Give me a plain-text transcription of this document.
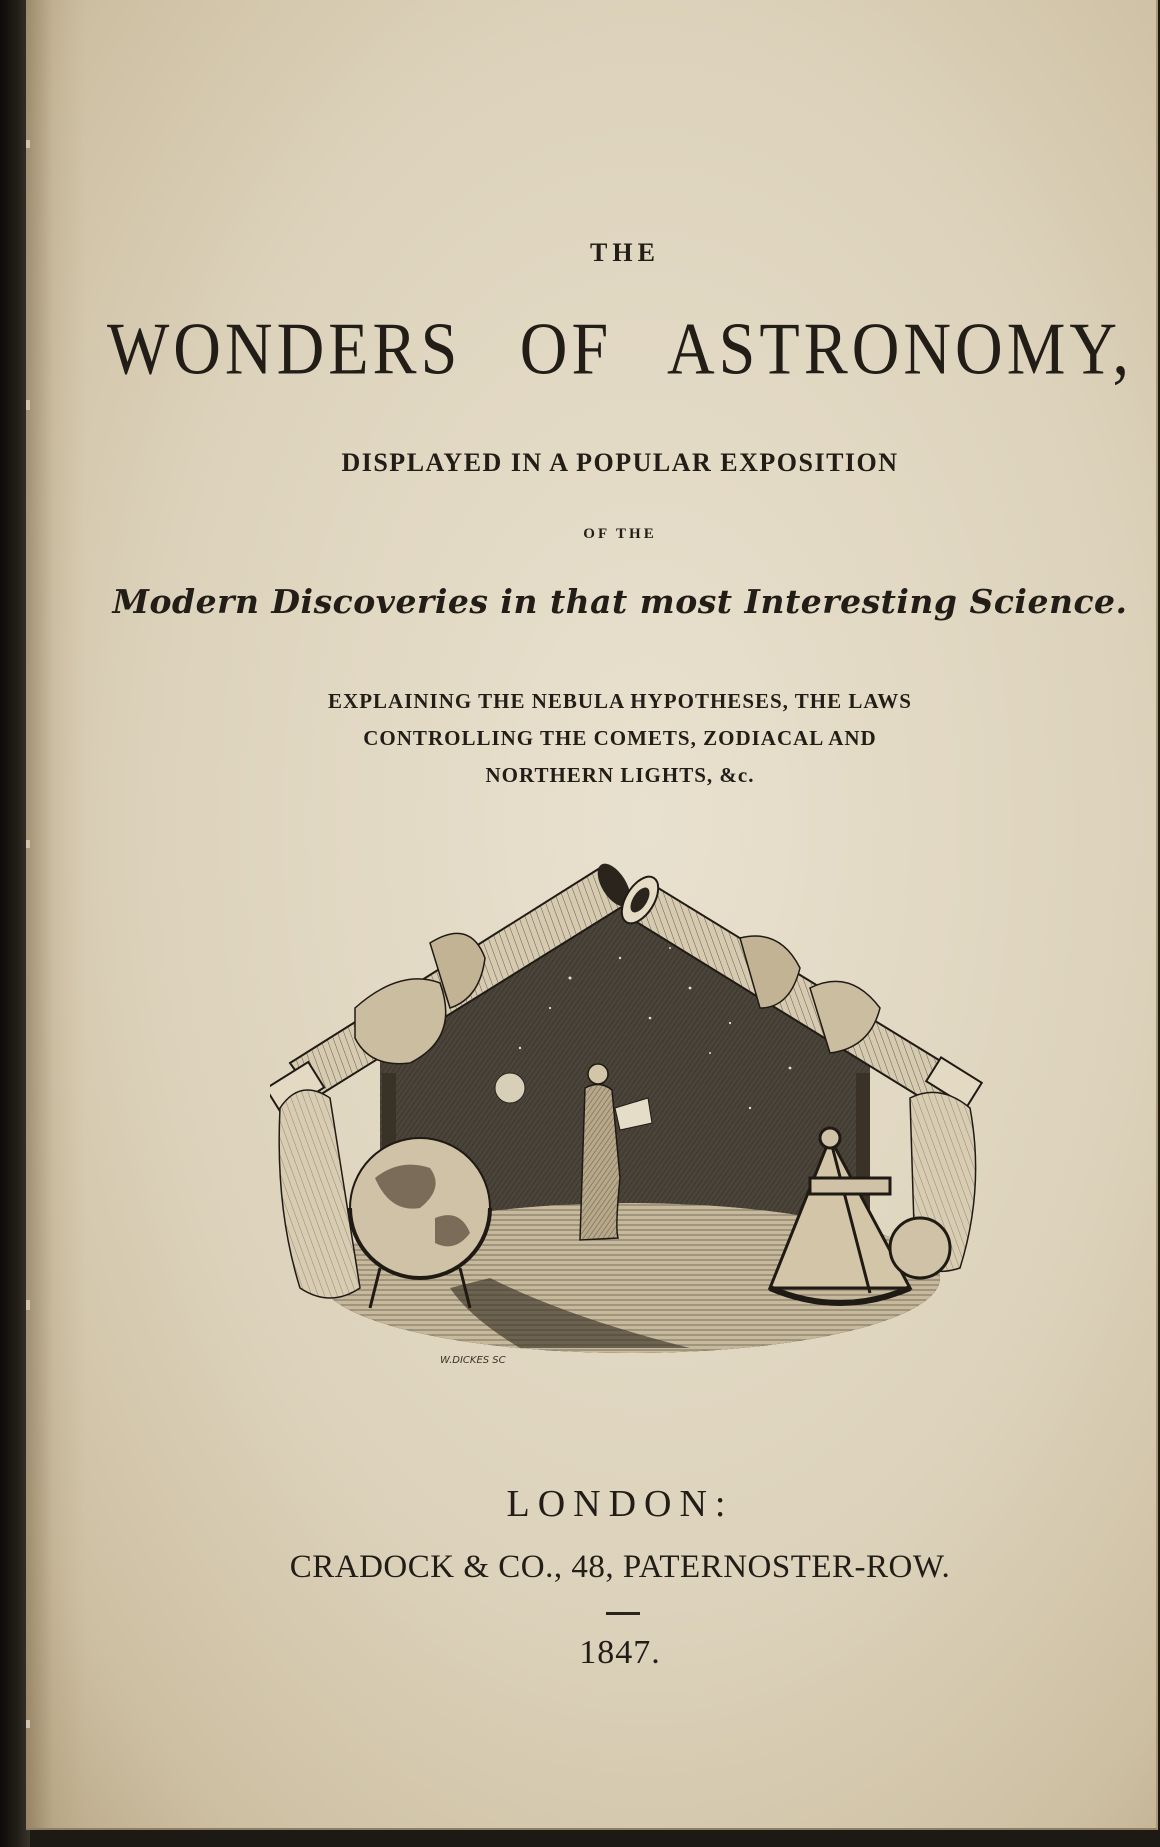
THE
WONDERS OF ASTRONOMY,
DISPLAYED IN A POPULAR EXPOSITION
OF THE
Modern Discoveries in that most Interesting Science.
EXPLAINING THE NEBULA HYPOTHESES, THE LAWS
CONTROLLING THE COMETS, ZODIACAL AND
NORTHERN LIGHTS, &c.
W.DICKES SC
LONDON:
CRADOCK & CO., 48, PATERNOSTER-ROW.
1847.
